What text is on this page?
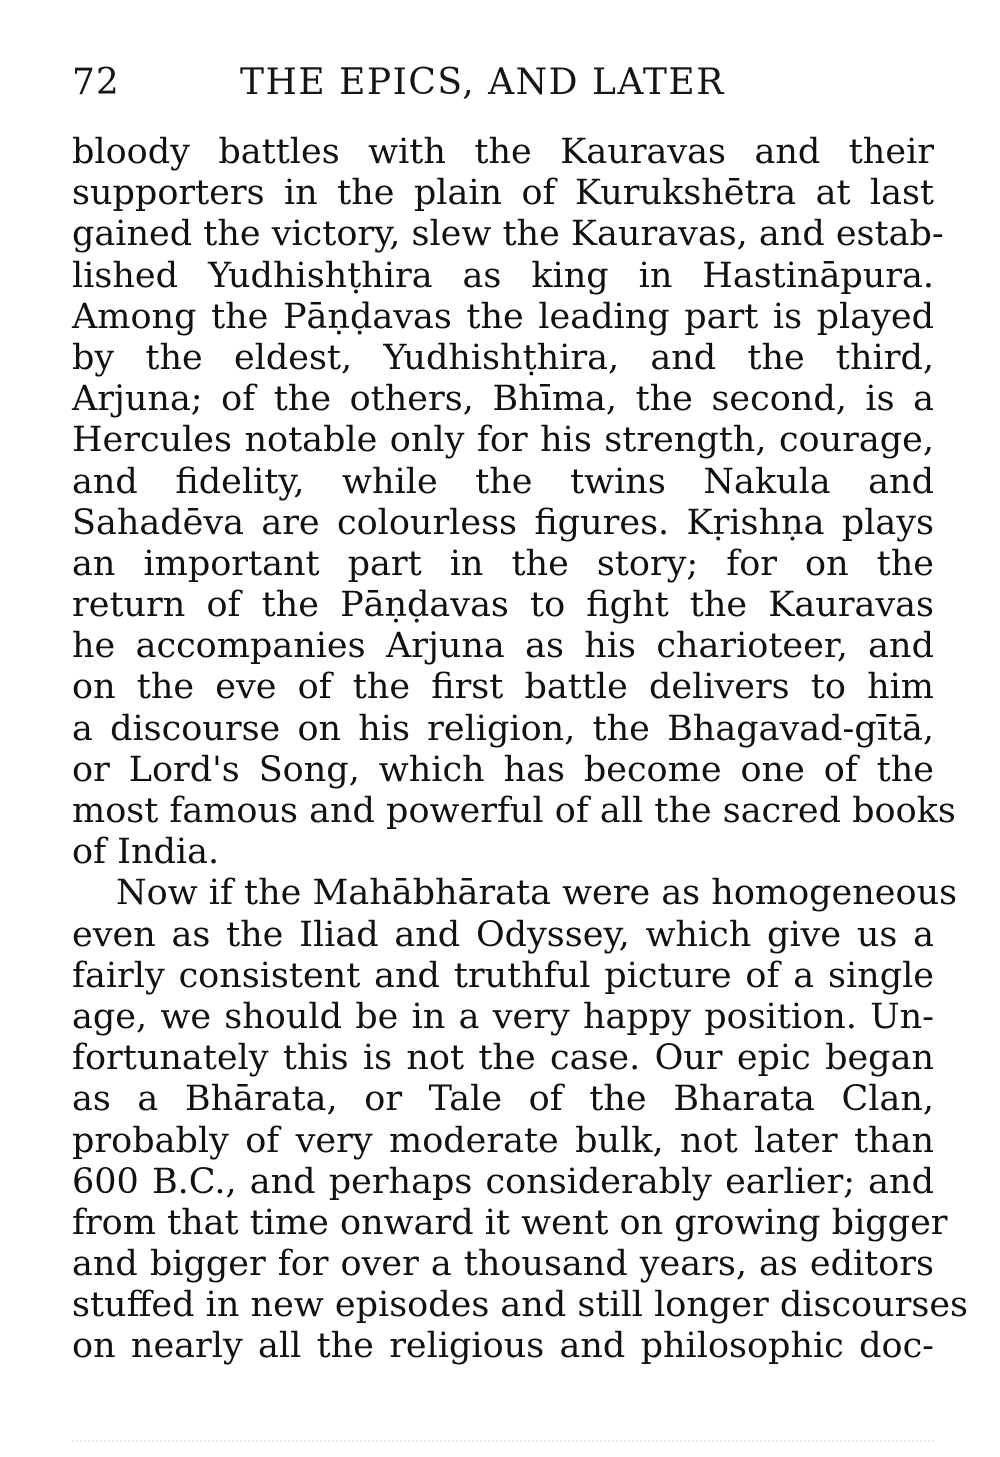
72	THE EPICS, AND LATER
bloody battles with the Kauravas and their
supporters in the plain of Kurukshētra at last
gained the victory, slew the Kauravas, and estab-
lished Yudhishṭhira as king in Hastināpura.
Among the Pāṇḍavas the leading part is played
by the eldest, Yudhishṭhira, and the third,
Arjuna; of the others, Bhīma, the second, is a
Hercules notable only for his strength, courage,
and fidelity, while the twins Nakula and
Sahadēva are colourless figures. Kṛishṇa plays
an important part in the story; for on the
return of the Pāṇḍavas to fight the Kauravas
he accompanies Arjuna as his charioteer, and
on the eve of the first battle delivers to him
a discourse on his religion, the Bhagavad-gītā,
or Lord's Song, which has become one of the
most famous and powerful of all the sacred books
of India.
Now if the Mahābhārata were as homogeneous
even as the Iliad and Odyssey, which give us a
fairly consistent and truthful picture of a single
age, we should be in a very happy position. Un-
fortunately this is not the case. Our epic began
as a Bhārata, or Tale of the Bharata Clan,
probably of very moderate bulk, not later than
600 B.C., and perhaps considerably earlier; and
from that time onward it went on growing bigger
and bigger for over a thousand years, as editors
stuffed in new episodes and still longer discourses
on nearly all the religious and philosophic doc-
